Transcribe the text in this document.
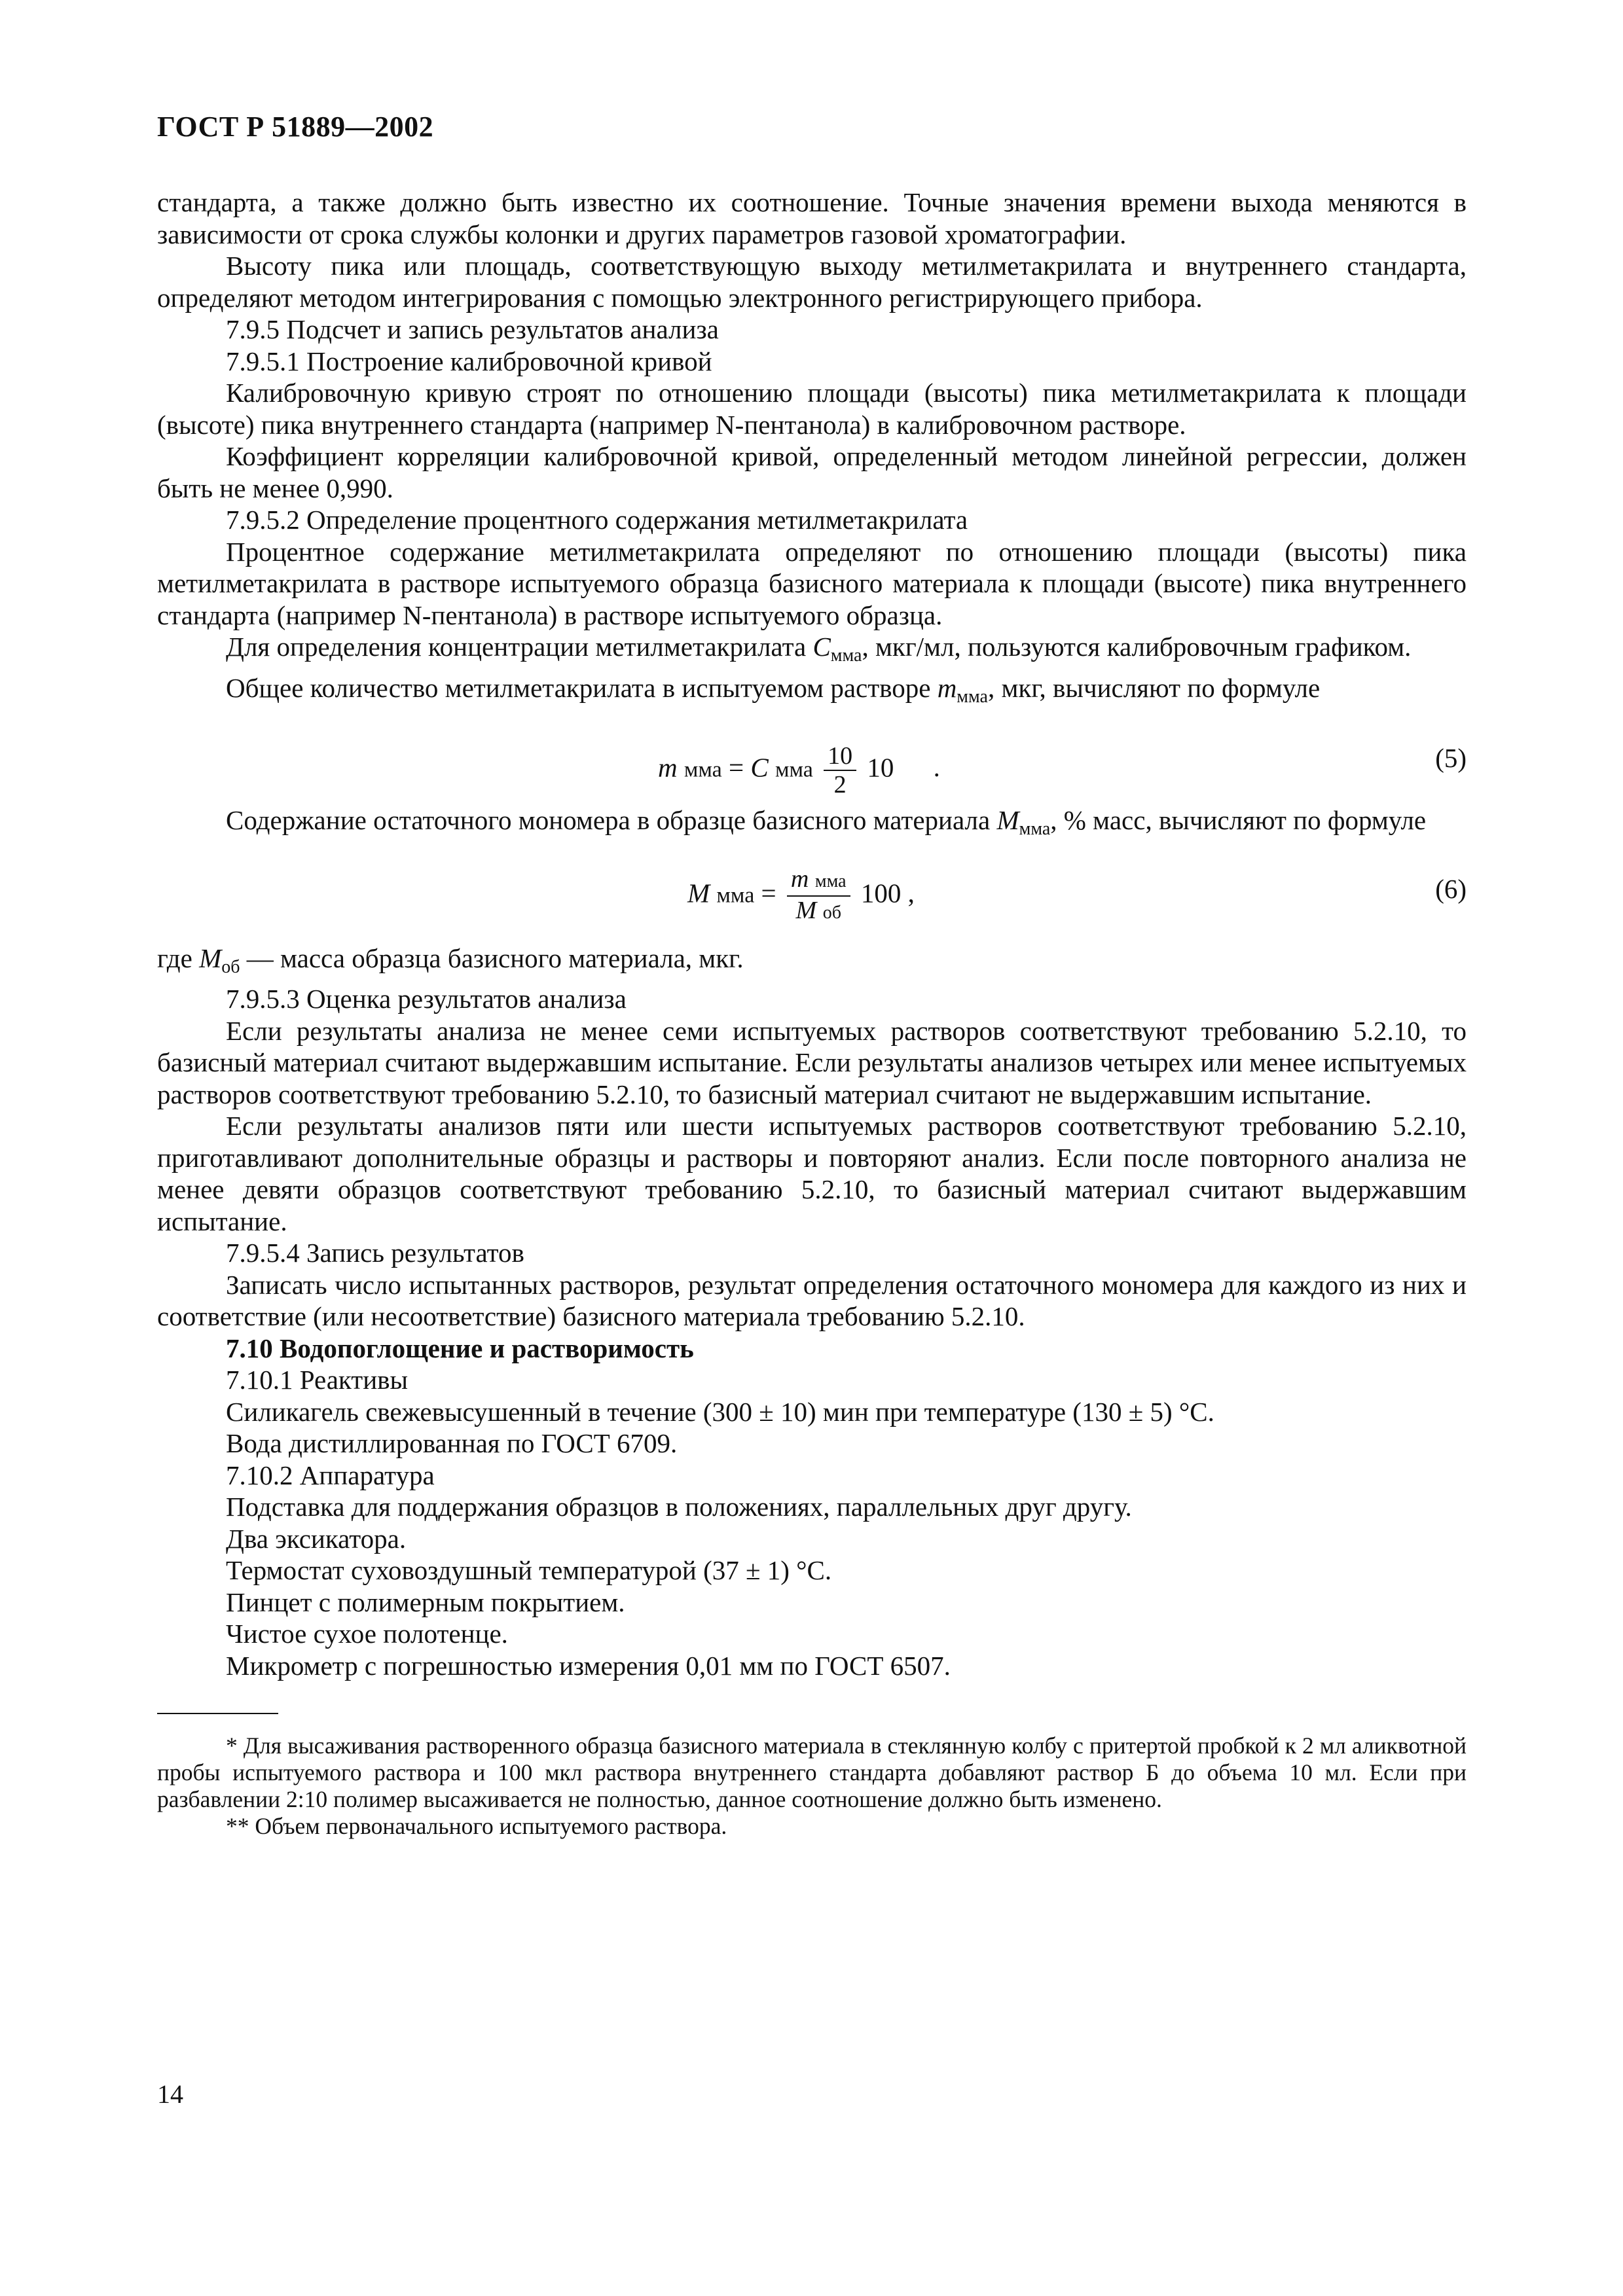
ГОСТ Р 51889—2002

стандарта, а также должно быть известно их соотношение. Точные значения времени выхода меняются в зависимости от срока службы колонки и других параметров газовой хроматографии.

Высоту пика или площадь, соответствующую выходу метилметакрилата и внутреннего стандарта, определяют методом интегрирования с помощью электронного регистрирующего прибора.

7.9.5 Подсчет и запись результатов анализа

7.9.5.1 Построение калибровочной кривой

Калибровочную кривую строят по отношению площади (высоты) пика метилметакрилата к площади (высоте) пика внутреннего стандарта (например N-пентанола) в калибровочном растворе.

Коэффициент корреляции калибровочной кривой, определенный методом линейной регрессии, должен быть не менее 0,990.

7.9.5.2 Определение процентного содержания метилметакрилата

Процентное содержание метилметакрилата определяют по отношению площади (высоты) пика метилметакрилата в растворе испытуемого образца базисного материала к площади (высоте) пика внутреннего стандарта (например N-пентанола) в растворе испытуемого образца.

Для определения концентрации метилметакрилата $C_{мма}$, мкг/мл, пользуются калибровочным графиком.

Общее количество метилметакрилата в испытуемом растворе $m_{мма}$, мкг, вычисляют по формуле

m мма = C мма $\frac{10}{2} 10$ .	(5)

Содержание остаточного мономера в образце базисного материала $M_{мма}$, % масс, вычисляют по формуле

M мма = $\frac{\text{m мма}}{\text{M об}} 100$ ,	(6)

где $M_{об}$ — масса образца базисного материала, мкг.

7.9.5.3 Оценка результатов анализа

Если результаты анализа не менее семи испытуемых растворов соответствуют требованию 5.2.10, то базисный материал считают выдержавшим испытание. Если результаты анализов четырех или менее испытуемых растворов соответствуют требованию 5.2.10, то базисный материал считают не выдержавшим испытание.

Если результаты анализов пяти или шести испытуемых растворов соответствуют требованию 5.2.10, приготавливают дополнительные образцы и растворы и повторяют анализ. Если после повторного анализа не менее девяти образцов соответствуют требованию 5.2.10, то базисный материал считают выдержавшим испытание.

7.9.5.4 Запись результатов

Записать число испытанных растворов, результат определения остаточного мономера для каждого из них и соответствие (или несоответствие) базисного материала требованию 5.2.10.

7.10 Водопоглощение и растворимость

7.10.1 Реактивы

Силикагель свежевысушенный в течение (300 ± 10) мин при температуре (130 ± 5) °С.

Вода дистиллированная по ГОСТ 6709.

7.10.2 Аппаратура

Подставка для поддержания образцов в положениях, параллельных друг другу.

Два эксикатора.

Термостат суховоздушный температурой (37 ± 1) °С.

Пинцет с полимерным покрытием.

Чистое сухое полотенце.

Микрометр с погрешностью измерения 0,01 мм по ГОСТ 6507.

* Для высаживания растворенного образца базисного материала в стеклянную колбу с притертой пробкой к 2 мл аликвотной пробы испытуемого раствора и 100 мкл раствора внутреннего стандарта добавляют раствор Б до объема 10 мл. Если при разбавлении 2:10 полимер высаживается не полностью, данное соотношение должно быть изменено.

** Объем первоначального испытуемого раствора.

14
